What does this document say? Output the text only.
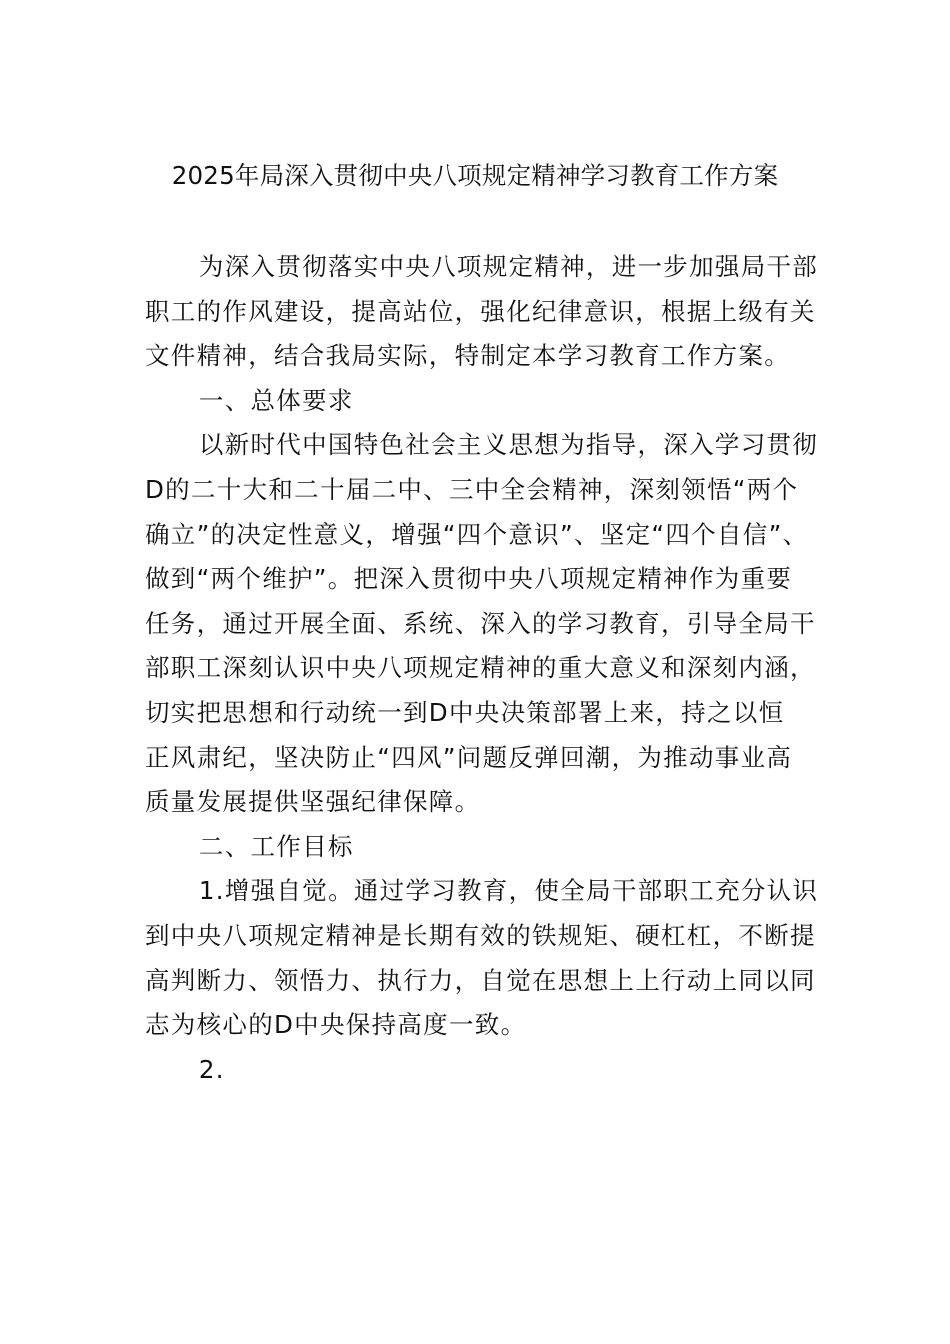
2025年局深入贯彻中央八项规定精神学习教育工作方案
为深入贯彻落实中央八项规定精神，进一步加强局干部
职工的作风建设，提高站位，强化纪律意识，根据上级有关
文件精神，结合我局实际，特制定本学习教育工作方案。
一、总体要求
以新时代中国特色社会主义思想为指导，深入学习贯彻
D的二十大和二十届二中、三中全会精神，深刻领悟“两个
确立”的决定性意义，增强“四个意识”、坚定“四个自信”、
做到“两个维护”。把深入贯彻中央八项规定精神作为重要
任务，通过开展全面、系统、深入的学习教育，引导全局干
部职工深刻认识中央八项规定精神的重大意义和深刻内涵，
切实把思想和行动统一到D中央决策部署上来，持之以恒
正风肃纪，坚决防止“四风”问题反弹回潮，为推动事业高
质量发展提供坚强纪律保障。
二、工作目标
1.增强自觉。通过学习教育，使全局干部职工充分认识
到中央八项规定精神是长期有效的铁规矩、硬杠杠，不断提
高判断力、领悟力、执行力，自觉在思想上上行动上同以同
志为核心的D中央保持高度一致。
2.
